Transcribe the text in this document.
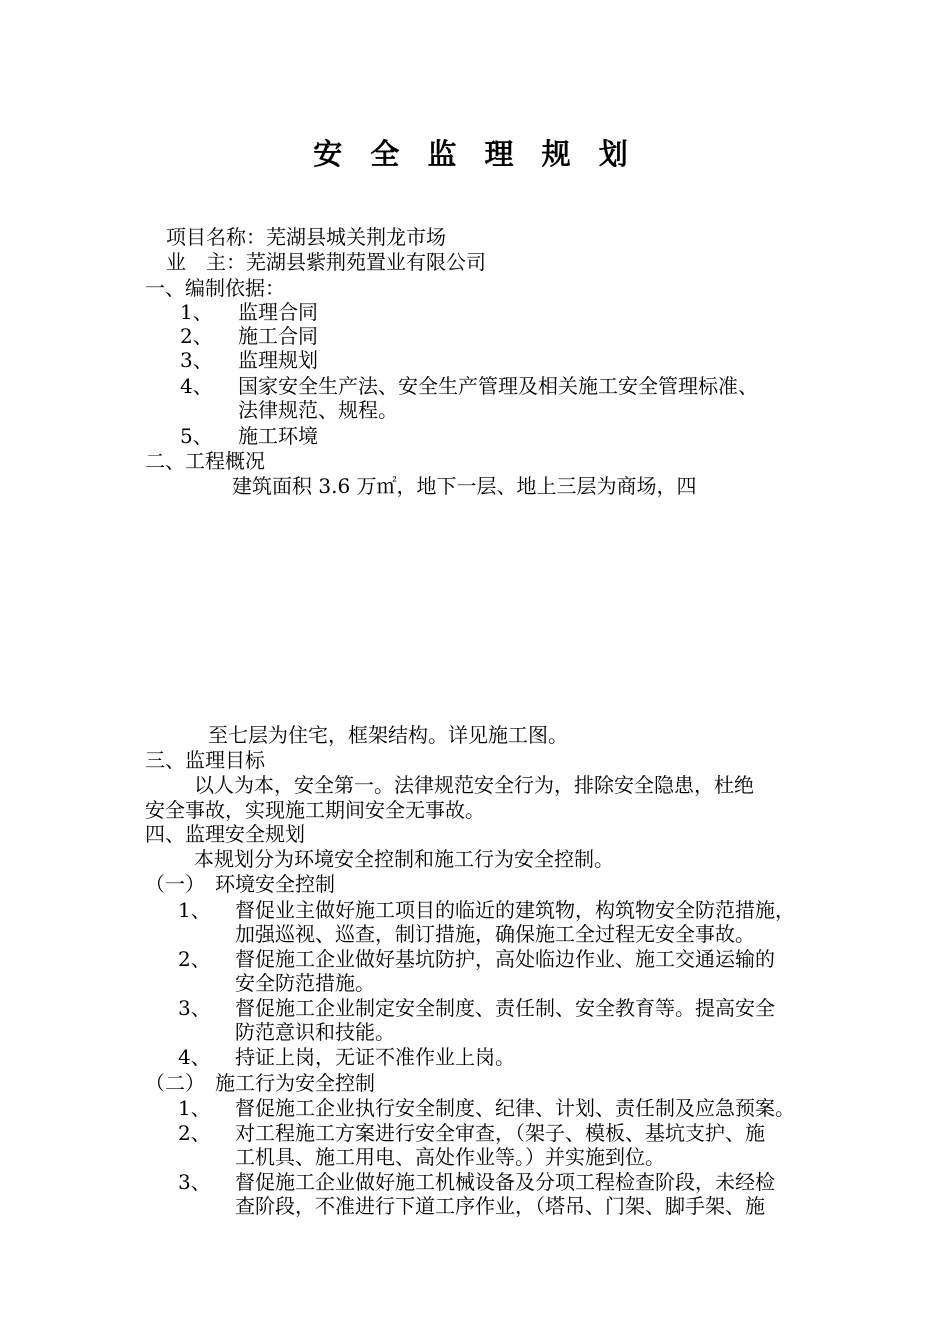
安 全 监 理 规 划
项目名称：芜湖县城关荆龙市场
业　主：芜湖县紫荆苑置业有限公司
一、编制依据：
1、 监理合同
2、 施工合同
3、 监理规划
4、 国家安全生产法、安全生产管理及相关施工安全管理标准、
法律规范、规程。
5、 施工环境
二、工程概况
建筑面积 3.6 万㎡，地下一层、地上三层为商场，四
至七层为住宅，框架结构。详见施工图。
三、监理目标
以人为本，安全第一。法律规范安全行为，排除安全隐患，杜绝
安全事故，实现施工期间安全无事故。
四、监理安全规划
本规划分为环境安全控制和施工行为安全控制。
（一）　环境安全控制
1、 督促业主做好施工项目的临近的建筑物，构筑物安全防范措施，
加强巡视、巡查，制订措施，确保施工全过程无安全事故。
2、 督促施工企业做好基坑防护，高处临边作业、施工交通运输的
安全防范措施。
3、 督促施工企业制定安全制度、责任制、安全教育等。提高安全
防范意识和技能。
4、 持证上岗，无证不准作业上岗。
（二）　施工行为安全控制
1、 督促施工企业执行安全制度、纪律、计划、责任制及应急预案。
2、 对工程施工方案进行安全审查，（架子、模板、基坑支护、施
工机具、施工用电、高处作业等。）并实施到位。
3、 督促施工企业做好施工机械设备及分项工程检查阶段，未经检
查阶段，不准进行下道工序作业，（塔吊、门架、脚手架、施
